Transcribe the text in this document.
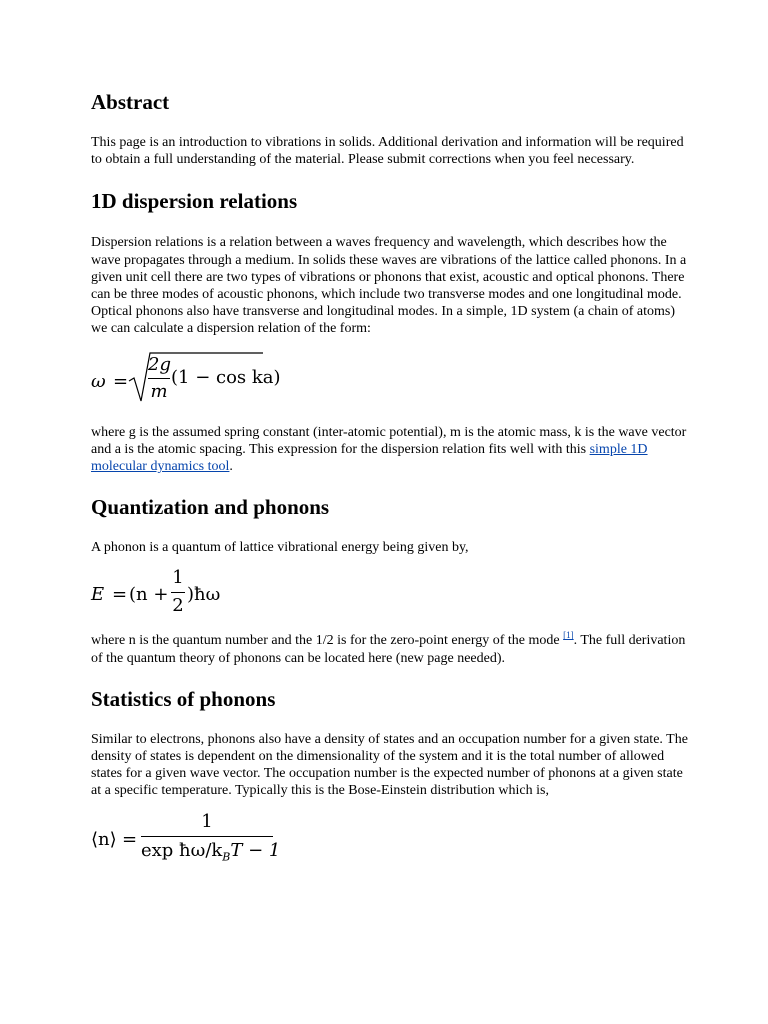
Abstract

This page is an introduction to vibrations in solids. Additional derivation and information will be required to obtain a full understanding of the material. Please submit corrections when you feel necessary.

1D dispersion relations

Dispersion relations is a relation between a waves frequency and wavelength, which describes how the wave propagates through a medium. In solids these waves are vibrations of the lattice called phonons. In a given unit cell there are two types of vibrations or phonons that exist, acoustic and optical phonons. There can be three modes of acoustic phonons, which include two transverse modes and one longitudinal mode. Optical phonons also have transverse and longitudinal modes. In a simple, 1D system (a chain of atoms) we can calculate a dispersion relation of the form:

ω =
2g
m
(1 − cos ka)

where g is the assumed spring constant (inter-atomic potential), m is the atomic mass, k is the wave vector and a is the atomic spacing. This expression for the dispersion relation fits well with this simple 1D molecular dynamics tool.

Quantization and phonons

A phonon is a quantum of lattice vibrational energy being given by,

E = (n +
1
2
)ħω

where n is the quantum number and the 1/2 is for the zero-point energy of the mode [1]. The full derivation of the quantum theory of phonons can be located here (new page needed).

Statistics of phonons

Similar to electrons, phonons also have a density of states and an occupation number for a given state. The density of states is dependent on the dimensionality of the system and it is the total number of allowed states for a given wave vector. The occupation number is the expected number of phonons at a given state at a specific temperature. Typically this is the Bose-Einstein distribution which is,

⟨n⟩ =
1
$\exp ħ\omega/k_BT - 1$
